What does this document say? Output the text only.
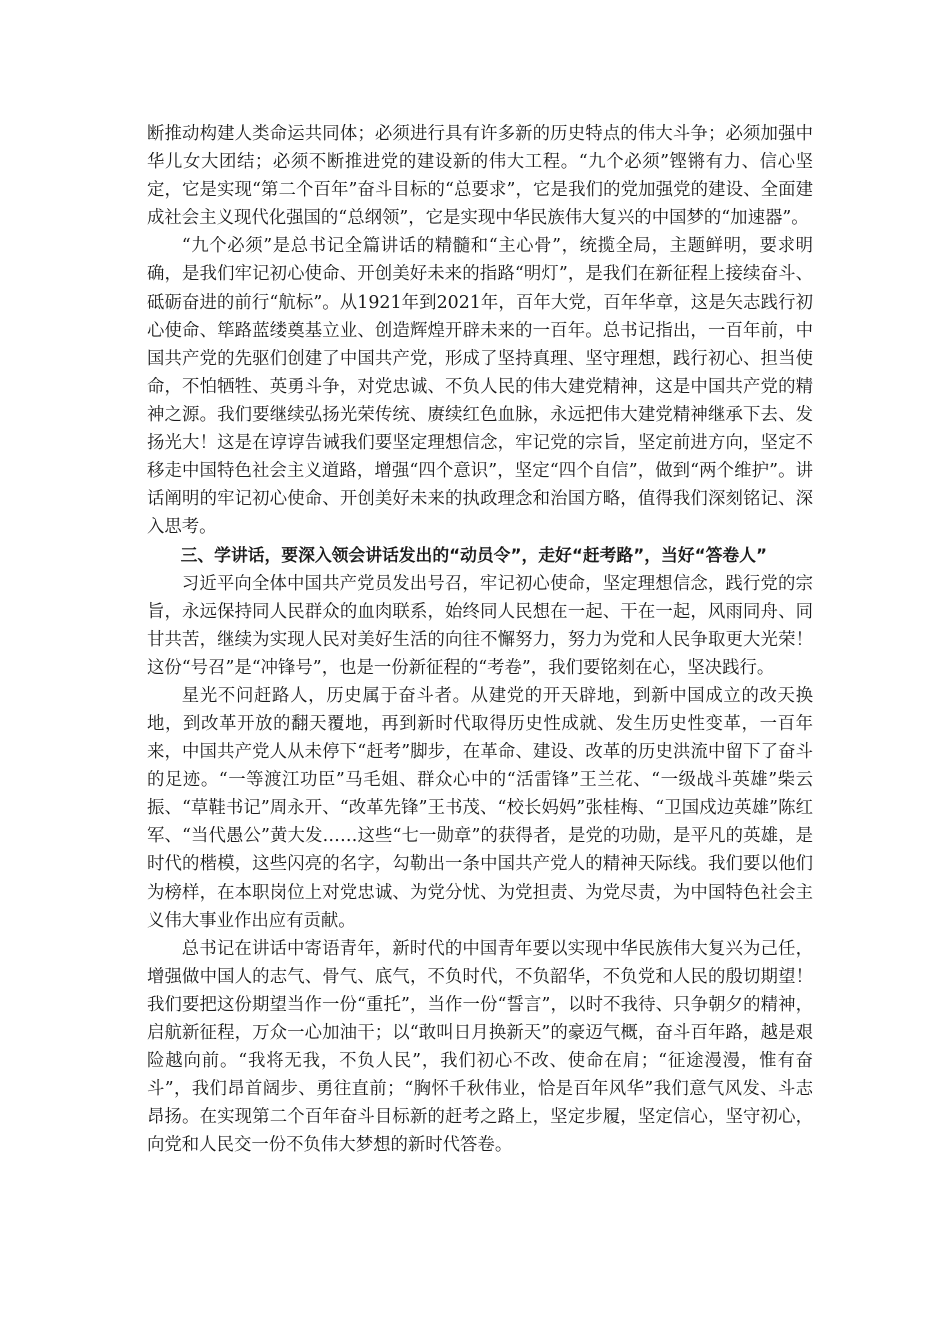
断推动构建人类命运共同体；必须进行具有许多新的历史特点的伟大斗争；必须加强中华儿女大团结；必须不断推进党的建设新的伟大工程。“九个必须”铿锵有力、信心坚定，它是实现“第二个百年”奋斗目标的“总要求”，它是我们的党加强党的建设、全面建成社会主义现代化强国的“总纲领”，它是实现中华民族伟大复兴的中国梦的“加速器”。

“九个必须”是总书记全篇讲话的精髓和“主心骨”，统揽全局，主题鲜明，要求明确，是我们牢记初心使命、开创美好未来的指路“明灯”，是我们在新征程上接续奋斗、砥砺奋进的前行“航标”。从1921年到2021年，百年大党，百年华章，这是矢志践行初心使命、筚路蓝缕奠基立业、创造辉煌开辟未来的一百年。总书记指出，一百年前，中国共产党的先驱们创建了中国共产党，形成了坚持真理、坚守理想，践行初心、担当使命，不怕牺牲、英勇斗争，对党忠诚、不负人民的伟大建党精神，这是中国共产党的精神之源。我们要继续弘扬光荣传统、赓续红色血脉，永远把伟大建党精神继承下去、发扬光大！这是在谆谆告诫我们要坚定理想信念，牢记党的宗旨，坚定前进方向，坚定不移走中国特色社会主义道路，增强“四个意识”，坚定“四个自信”，做到“两个维护”。讲话阐明的牢记初心使命、开创美好未来的执政理念和治国方略，值得我们深刻铭记、深入思考。

三、学讲话，要深入领会讲话发出的“动员令”，走好“赶考路”，当好“答卷人”

习近平向全体中国共产党员发出号召，牢记初心使命，坚定理想信念，践行党的宗旨，永远保持同人民群众的血肉联系，始终同人民想在一起、干在一起，风雨同舟、同甘共苦，继续为实现人民对美好生活的向往不懈努力，努力为党和人民争取更大光荣！这份“号召”是“冲锋号”，也是一份新征程的“考卷”，我们要铭刻在心，坚决践行。

星光不问赶路人，历史属于奋斗者。从建党的开天辟地，到新中国成立的改天换地，到改革开放的翻天覆地，再到新时代取得历史性成就、发生历史性变革，一百年来，中国共产党人从未停下“赶考”脚步，在革命、建设、改革的历史洪流中留下了奋斗的足迹。“一等渡江功臣”马毛姐、群众心中的“活雷锋”王兰花、“一级战斗英雄”柴云振、“草鞋书记”周永开、“改革先锋”王书茂、“校长妈妈”张桂梅、“卫国戍边英雄”陈红军、“当代愚公”黄大发……这些“七一勋章”的获得者，是党的功勋，是平凡的英雄，是时代的楷模，这些闪亮的名字，勾勒出一条中国共产党人的精神天际线。我们要以他们为榜样，在本职岗位上对党忠诚、为党分忧、为党担责、为党尽责，为中国特色社会主义伟大事业作出应有贡献。

总书记在讲话中寄语青年，新时代的中国青年要以实现中华民族伟大复兴为己任，增强做中国人的志气、骨气、底气，不负时代，不负韶华，不负党和人民的殷切期望！我们要把这份期望当作一份“重托”，当作一份“誓言”，以时不我待、只争朝夕的精神，启航新征程，万众一心加油干；以“敢叫日月换新天”的豪迈气概，奋斗百年路，越是艰险越向前。“我将无我，不负人民”，我们初心不改、使命在肩；“征途漫漫，惟有奋斗”，我们昂首阔步、勇往直前；“胸怀千秋伟业，恰是百年风华”我们意气风发、斗志昂扬。在实现第二个百年奋斗目标新的赶考之路上，坚定步履，坚定信心，坚守初心，向党和人民交一份不负伟大梦想的新时代答卷。
